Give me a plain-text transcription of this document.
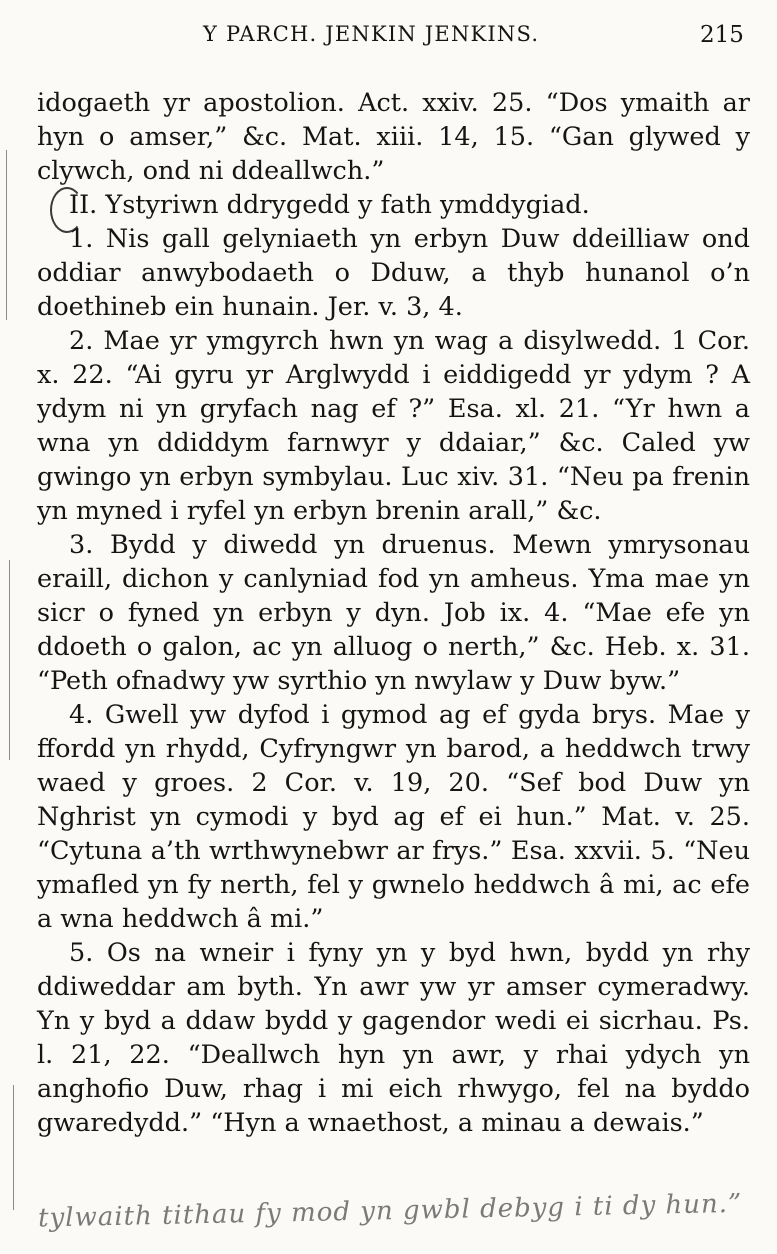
Y PARCH. JENKIN JENKINS.	215

idogaeth yr apostolion. Act. xxiv. 25. “Dos ymaith ar hyn o amser,” &c. Mat. xiii. 14, 15. “Gan glywed y clywch, ond ni ddeallwch.”

II. Ystyriwn ddrygedd y fath ymddygiad.

1. Nis gall gelyniaeth yn erbyn Duw ddeilliaw ond oddiar anwybodaeth o Dduw, a thyb hunanol o’n doethineb ein hunain. Jer. v. 3, 4.

2. Mae yr ymgyrch hwn yn wag a disylwedd. 1 Cor. x. 22. “Ai gyru yr Arglwydd i eiddigedd yr ydym ? A ydym ni yn gryfach nag ef ?” Esa. xl. 21. “Yr hwn a wna yn ddiddym farnwyr y ddaiar,” &c. Caled yw gwingo yn erbyn symbylau. Luc xiv. 31. “Neu pa frenin yn myned i ryfel yn erbyn brenin arall,” &c.

3. Bydd y diwedd yn druenus. Mewn ymrysonau eraill, dichon y canlyniad fod yn amheus. Yma mae yn sicr o fyned yn erbyn y dyn. Job ix. 4. “Mae efe yn ddoeth o galon, ac yn alluog o nerth,” &c. Heb. x. 31. “Peth ofnadwy yw syrthio yn nwylaw y Duw byw.”

4. Gwell yw dyfod i gymod ag ef gyda brys. Mae y ffordd yn rhydd, Cyfryngwr yn barod, a heddwch trwy waed y groes. 2 Cor. v. 19, 20. “Sef bod Duw yn Nghrist yn cymodi y byd ag ef ei hun.” Mat. v. 25. “Cytuna a’th wrthwynebwr ar frys.” Esa. xxvii. 5. “Neu ymafled yn fy nerth, fel y gwnelo heddwch â mi, ac efe a wna heddwch â mi.”

5. Os na wneir i fyny yn y byd hwn, bydd yn rhy ddiweddar am byth. Yn awr yw yr amser cymeradwy. Yn y byd a ddaw bydd y gagendor wedi ei sicrhau. Ps. l. 21, 22. “Deallwch hyn yn awr, y rhai ydych yn anghofio Duw, rhag i mi eich rhwygo, fel na byddo gwaredydd.” “Hyn a wnaethost, a minau a dewais.”

tylwaith tithau fy mod yn gwbl debyg i ti dy hun.”
